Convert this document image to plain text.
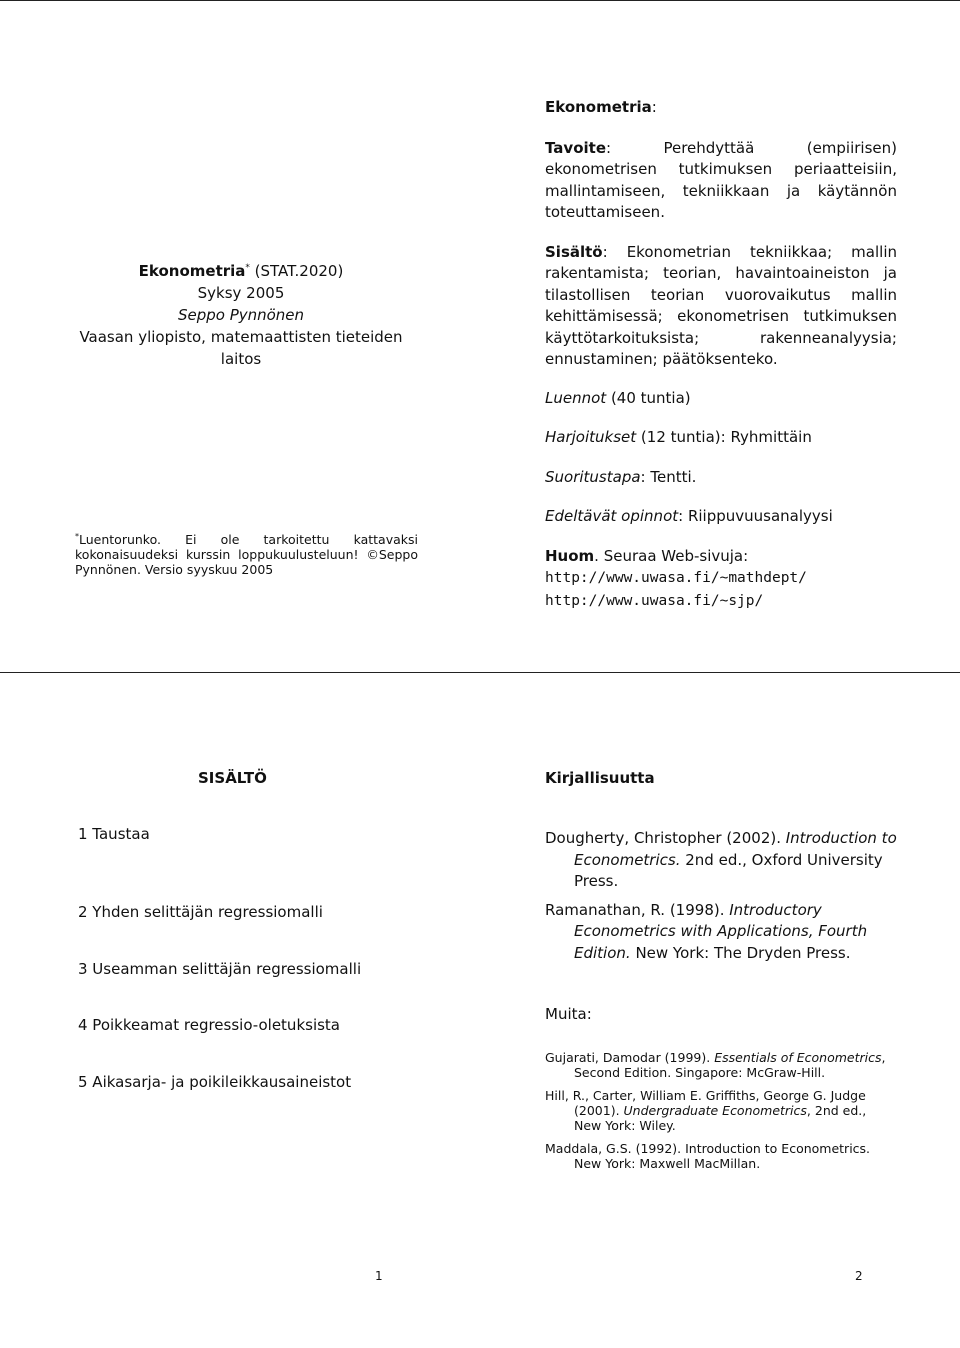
Ekonometria* (STAT.2020)

Syksy 2005

Seppo Pynnönen

Vaasan yliopisto, matemaattisten tieteiden laitos

*Luentorunko. Ei ole tarkoitettu kattavaksi kokonaisuudeksi kurssin loppukuulusteluun! ©Seppo Pynnönen. Versio syyskuu 2005

Ekonometria:

Tavoite: Perehdyttää (empiirisen) ekonometrisen tutkimuksen periaatteisiin, mallintamiseen, tekniikkaan ja käytännön toteuttamiseen.

Sisältö: Ekonometrian tekniikkaa; mallin rakentamista; teorian, havaintoaineiston ja tilastollisen teorian vuorovaikutus mallin kehittämisessä; ekonometrisen tutkimuksen käyttötarkoituksista; rakenneanalyysia; ennustaminen; päätöksenteko.

Luennot (40 tuntia)

Harjoitukset (12 tuntia): Ryhmittäin

Suoritustapa: Tentti.

Edeltävät opinnot: Riippuvuusanalyysi

Huom. Seuraa Web-sivuja:

http://www.uwasa.fi/~mathdept/

http://www.uwasa.fi/~sjp/

SISÄLTÖ

1 Taustaa

2 Yhden selittäjän regressiomalli

3 Useamman selittäjän regressiomalli

4 Poikkeamat regressio-oletuksista

5 Aikasarja- ja poikileikkausaineistot

Kirjallisuutta

Dougherty, Christopher (2002). Introduction to Econometrics. 2nd ed., Oxford University Press.

Ramanathan, R. (1998). Introductory Econometrics with Applications, Fourth Edition. New York: The Dryden Press.

Muita:

Gujarati, Damodar (1999). Essentials of Econometrics, Second Edition. Singapore: McGraw-Hill.

Hill, R., Carter, William E. Griffiths, George G. Judge (2001). Undergraduate Econometrics, 2nd ed., New York: Wiley.

Maddala, G.S. (1992). Introduction to Econometrics. New York: Maxwell MacMillan.

1	2
